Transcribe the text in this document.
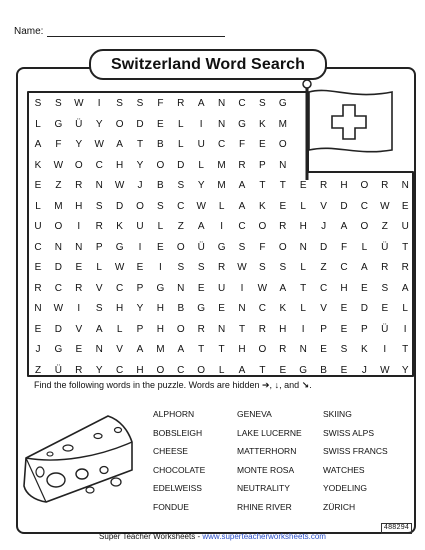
Name:
Switzerland Word Search
S S W	I	S S F R A N C S G
L	G Ü Y O D E	L	I	N G K M
A F Y W A T B	L	U C F E O
K W O C H Y O D	L	M R P N
E Z R N W	J	B S Y M A T T E R H O R N
L	M H S D O S C W	L	A K E	L	V D C W E
U O	I	R K U	L	Z A	I	C O R H	J	A O Z U
C N N P G	I	E O Ü G S F O N D F	L	Ü T
E D E	L	W E	I	S S R W S S	L	Z C A R R
R C R V C P G N E U	I	W A T C H E S A
N W	I	S H Y H B G E N C K	L	V E D E	L
E D V A	L	P H O R N T R H	I	P E P Ü	I
J	G E N V A M A T T H O R N E S K	I	T
Z Ü R Y C H O C O	L	A T E G B E	J	W Y
Find the following words in the puzzle. Words are hidden ➔, ↓, and ↘.
ALPHORN
BOBSLEIGH
CHEESE
CHOCOLATE
EDELWEISS
FONDUE
GENEVA
LAKE LUCERNE
MATTERHORN
MONTE ROSA
NEUTRALITY
RHINE RIVER
SKIING
SWISS ALPS
SWISS FRANCS
WATCHES
YODELING
ZÜRICH
Super Teacher Worksheets - www.superteacherworksheets.com
488294
